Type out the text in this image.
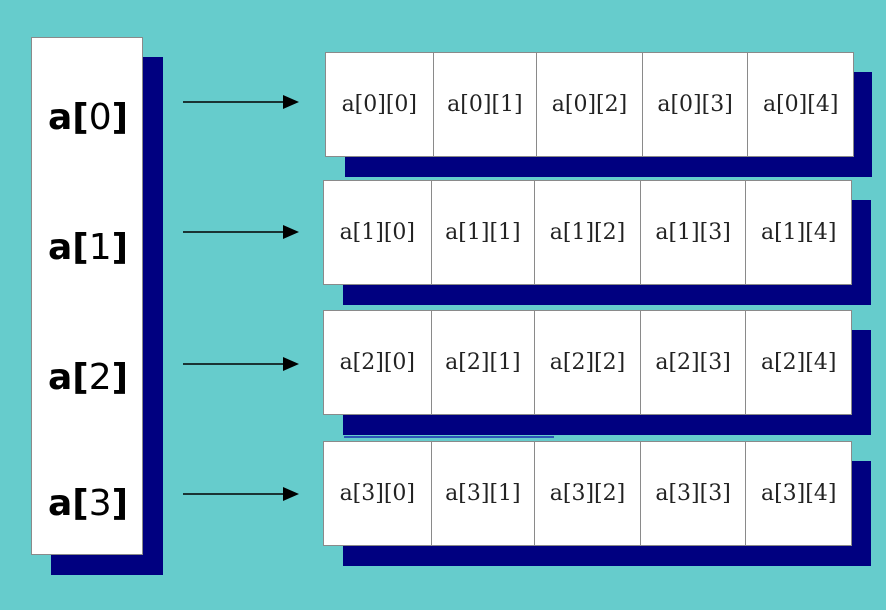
a[0]
a[1]
a[2]
a[3]
a[0][0]	a[0][1]	a[0][2]	a[0][3]	a[0][4]
a[1][0]	a[1][1]	a[1][2]	a[1][3]	a[1][4]
a[2][0]	a[2][1]	a[2][2]	a[2][3]	a[2][4]
a[3][0]	a[3][1]	a[3][2]	a[3][3]	a[3][4]
